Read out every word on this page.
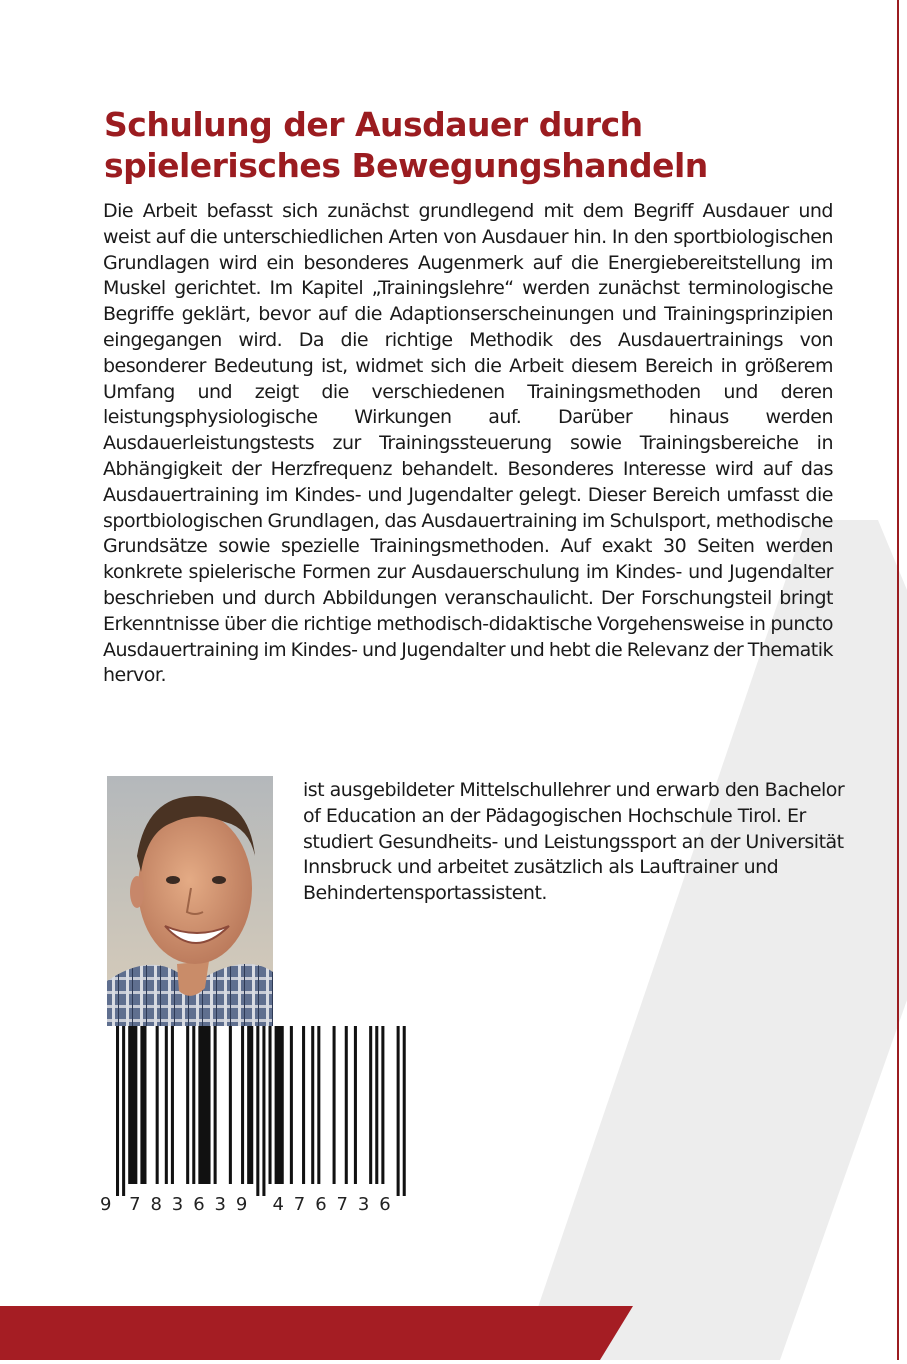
Schulung der Ausdauer durch
spielerisches Bewegungshandeln

Die Arbeit befasst sich zunächst grundlegend mit dem Begriff Ausdauer und weist auf die unterschiedlichen Arten von Ausdauer hin. In den sportbiologischen Grundlagen wird ein besonderes Augenmerk auf die Energiebereitstellung im Muskel gerichtet. Im Kapitel „Trainingslehre“ werden zunächst terminologische Begriffe geklärt, bevor auf die Adaptionserscheinungen und Trainingsprinzipien eingegangen wird. Da die richtige Methodik des Ausdauertrainings von besonderer Bedeutung ist, widmet sich die Arbeit diesem Bereich in größerem Umfang und zeigt die verschiedenen Trainingsmethoden und deren leistungsphysiologische Wirkungen auf. Darüber hinaus werden Ausdauerleistungstests zur Trainingssteuerung sowie Trainingsbereiche in Abhängigkeit der Herzfrequenz behandelt. Besonderes Interesse wird auf das Ausdauertraining im Kindes- und Jugendalter gelegt. Dieser Bereich umfasst die sportbiologischen Grundlagen, das Ausdauertraining im Schulsport, methodische Grundsätze sowie spezielle Trainingsmethoden. Auf exakt 30 Seiten werden konkrete spielerische Formen zur Ausdauerschulung im Kindes- und Jugendalter beschrieben und durch Abbildungen veranschaulicht. Der Forschungsteil bringt Erkenntnisse über die richtige methodisch-didaktische Vorgehensweise in puncto Ausdauertraining im Kindes- und Jugendalter und hebt die Relevanz der Thematik hervor.

ist ausgebildeter Mittelschullehrer und erwarb den Bachelor of Education an der Pädagogischen Hochschule Tirol. Er studiert Gesundheits- und Leistungssport an der Universität Innsbruck und arbeitet zusätzlich als Lauftrainer und Behindertensportassistent.

9 7 8 3 6 3 9 4 7 6 7 3 6
